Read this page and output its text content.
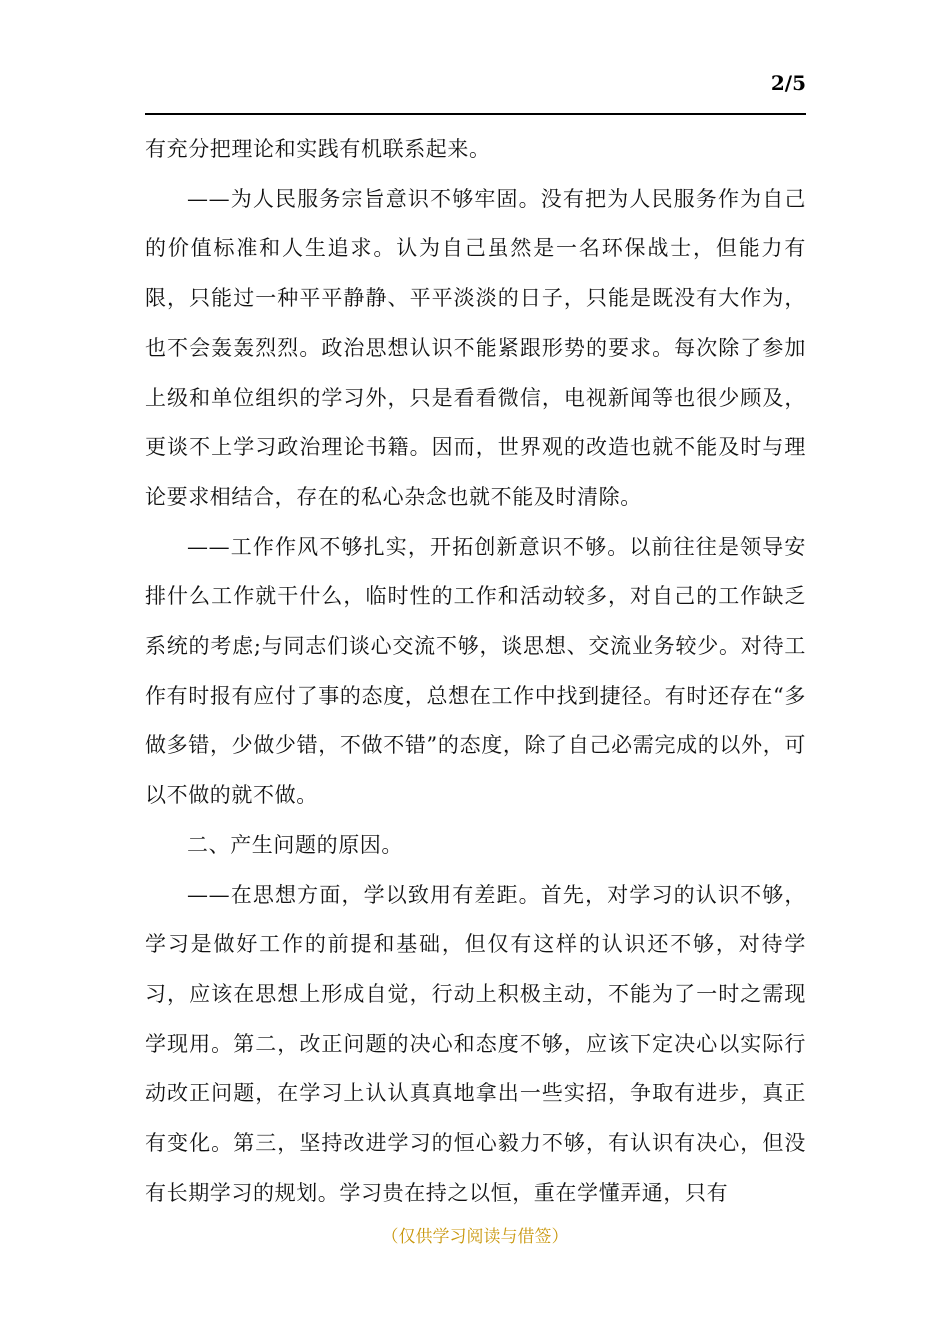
2/5

有充分把理论和实践有机联系起来。

——为人民服务宗旨意识不够牢固。没有把为人民服务作为自己的价值标准和人生追求。认为自己虽然是一名环保战士，但能力有限，只能过一种平平静静、平平淡淡的日子，只能是既没有大作为，也不会轰轰烈烈。政治思想认识不能紧跟形势的要求。每次除了参加上级和单位组织的学习外，只是看看微信，电视新闻等也很少顾及，更谈不上学习政治理论书籍。因而，世界观的改造也就不能及时与理论要求相结合，存在的私心杂念也就不能及时清除。

——工作作风不够扎实，开拓创新意识不够。以前往往是领导安排什么工作就干什么，临时性的工作和活动较多，对自己的工作缺乏系统的考虑;与同志们谈心交流不够，谈思想、交流业务较少。对待工作有时报有应付了事的态度，总想在工作中找到捷径。有时还存在“多做多错，少做少错，不做不错”的态度，除了自己必需完成的以外，可以不做的就不做。

二、产生问题的原因。

——在思想方面，学以致用有差距。首先，对学习的认识不够，学习是做好工作的前提和基础，但仅有这样的认识还不够，对待学习，应该在思想上形成自觉，行动上积极主动，不能为了一时之需现学现用。第二，改正问题的决心和态度不够，应该下定决心以实际行动改正问题，在学习上认认真真地拿出一些实招，争取有进步，真正有变化。第三，坚持改进学习的恒心毅力不够，有认识有决心，但没有长期学习的规划。学习贵在持之以恒，重在学懂弄通，只有

（仅供学习阅读与借签）
